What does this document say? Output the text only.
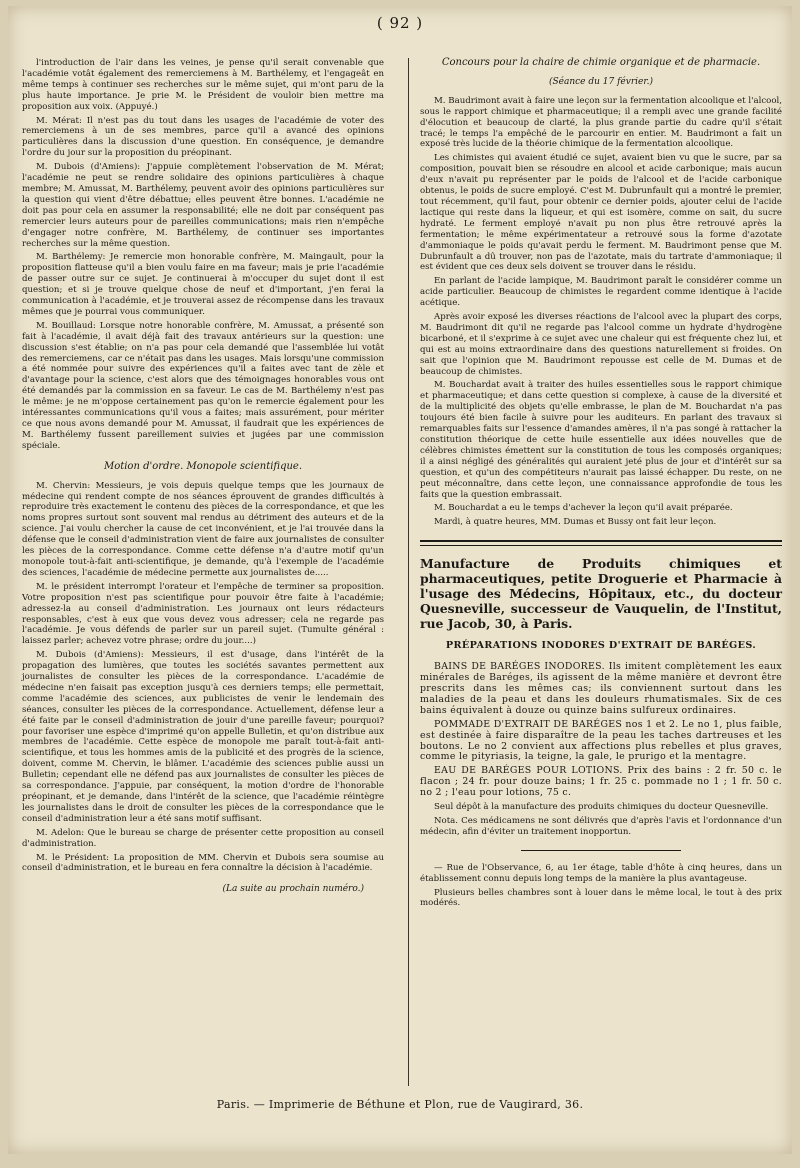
( 92 )

l'introduction de l'air dans les veines, je pense qu'il serait convenable que l'académie votât également des remerciemens à M. Barthélemy, et l'engageât en même temps à continuer ses recherches sur le même sujet, qui m'ont paru de la plus haute importance. Je prie M. le Président de vouloir bien mettre ma proposition aux voix. (Appuyé.)

M. Mérat: Il n'est pas du tout dans les usages de l'académie de voter des remerciemens à un de ses membres, parce qu'il a avancé des opinions particulières dans la discussion d'une question. En conséquence, je demandre l'ordre du jour sur la proposition du préopinant.

M. Dubois (d'Amiens): J'appuie complètement l'observation de M. Mérat; l'académie ne peut se rendre solidaire des opinions particulières à chaque membre; M. Amussat, M. Barthélemy, peuvent avoir des opinions particulières sur la question qui vient d'être débattue; elles peuvent être bonnes. L'académie ne doit pas pour cela en assumer la responsabilité; elle ne doit par conséquent pas remercier leurs auteurs pour de pareilles communications; mais rien n'empêche d'engager notre confrère, M. Barthélemy, de continuer ses importantes recherches sur la même question.

M. Barthélemy: Je remercie mon honorable confrère, M. Maingault, pour la proposition flatteuse qu'il a bien voulu faire en ma faveur; mais je prie l'académie de passer outre sur ce sujet. Je continuerai à m'occuper du sujet dont il est question; et si je trouve quelque chose de neuf et d'important, j'en ferai la communication à l'académie, et je trouverai assez de récompense dans les travaux mêmes que je pourrai vous communiquer.

M. Bouillaud: Lorsque notre honorable confrère, M. Amussat, a présenté son fait à l'académie, il avait déjà fait des travaux antérieurs sur la question: une discussion s'est établie; on n'a pas pour cela demandé que l'assemblée lui votât des remerciemens, car ce n'était pas dans les usages. Mais lorsqu'une commission a été nommée pour suivre des expériences qu'il a faites avec tant de zèle et d'avantage pour la science, c'est alors que des témoignages honorables vous ont été demandés par la commission en sa faveur. Le cas de M. Barthélemy n'est pas le même: je ne m'oppose certainement pas qu'on le remercie également pour les intéressantes communications qu'il vous a faites; mais assurément, pour mériter ce que nous avons demandé pour M. Amussat, il faudrait que les expériences de M. Barthélemy fussent pareillement suivies et jugées par une commission spéciale.

Motion d'ordre. Monopole scientifique.

M. Chervin: Messieurs, je vois depuis quelque temps que les journaux de médecine qui rendent compte de nos séances éprouvent de grandes difficultés à reproduire très exactement le contenu des pièces de la correspondance, et que les noms propres surtout sont souvent mal rendus au détriment des auteurs et de la science. J'ai voulu chercher la cause de cet inconvénient, et je l'ai trouvée dans la défense que le conseil d'administration vient de faire aux journalistes de consulter les pièces de la correspondance. Comme cette défense n'a d'autre motif qu'un monopole tout-à-fait anti-scientifique, je demande, qu'à l'exemple de l'académie des sciences, l'académie de médecine permette aux journalistes de.....

M. le président interrompt l'orateur et l'empêche de terminer sa proposition. Votre proposition n'est pas scientifique pour pouvoir être faite à l'académie; adressez-la au conseil d'administration. Les journaux ont leurs rédacteurs responsables, c'est à eux que vous devez vous adresser; cela ne regarde pas l'académie. Je vous défends de parler sur un pareil sujet. (Tumulte général : laissez parler; achevez votre phrase; ordre du jour....)

M. Dubois (d'Amiens): Messieurs, il est d'usage, dans l'intérêt de la propagation des lumières, que toutes les sociétés savantes permettent aux journalistes de consulter les pièces de la correspondance. L'académie de médecine n'en faisait pas exception jusqu'à ces derniers temps; elle permettait, comme l'académie des sciences, aux publicistes de venir le lendemain des séances, consulter les pièces de la correspondance. Actuellement, défense leur a été faite par le conseil d'administration de jouir d'une pareille faveur; pourquoi? pour favoriser une espèce d'imprimé qu'on appelle Bulletin, et qu'on distribue aux membres de l'académie. Cette espèce de monopole me paraît tout-à-fait anti-scientifique, et tous les hommes amis de la publicité et des progrès de la science, doivent, comme M. Chervin, le blâmer. L'académie des sciences publie aussi un Bulletin; cependant elle ne défend pas aux journalistes de consulter les pièces de sa correspondance. J'appuie, par conséquent, la motion d'ordre de l'honorable préopinant, et je demande, dans l'intérêt de la science, que l'académie réintègre les journalistes dans le droit de consulter les pièces de la correspondance que le conseil d'administration leur a été sans motif suffisant.

M. Adelon: Que le bureau se charge de présenter cette proposition au conseil d'administration.

M. le Président: La proposition de MM. Chervin et Dubois sera soumise au conseil d'administration, et le bureau en fera connaître la décision à l'académie.

(La suite au prochain numéro.)

Concours pour la chaire de chimie organique et de pharmacie.

(Séance du 17 février.)

M. Baudrimont avait à faire une leçon sur la fermentation alcoolique et l'alcool, sous le rapport chimique et pharmaceutique; il a rempli avec une grande facilité d'élocution et beaucoup de clarté, la plus grande partie du cadre qu'il s'était tracé; le temps l'a empêché de le parcourir en entier. M. Baudrimont a fait un exposé très lucide de la théorie chimique de la fermentation alcoolique.

Les chimistes qui avaient étudié ce sujet, avaient bien vu que le sucre, par sa composition, pouvait bien se résoudre en alcool et acide carbonique; mais aucun d'eux n'avait pu représenter par le poids de l'alcool et de l'acide carbonique obtenus, le poids de sucre employé. C'est M. Dubrunfault qui a montré le premier, tout récemment, qu'il faut, pour obtenir ce dernier poids, ajouter celui de l'acide lactique qui reste dans la liqueur, et qui est isomère, comme on sait, du sucre hydraté. Le ferment employé n'avait pu non plus être retrouvé après la fermentation; le même expérimentateur a retrouvé sous la forme d'azotate d'ammoniaque le poids qu'avait perdu le ferment. M. Baudrimont pense que M. Dubrunfault a dû trouver, non pas de l'azotate, mais du tartrate d'ammoniaque; il est évident que ces deux sels doivent se trouver dans le résidu.

En parlant de l'acide lampique, M. Baudrimont paraît le considérer comme un acide particulier. Beaucoup de chimistes le regardent comme identique à l'acide acétique.

Après avoir exposé les diverses réactions de l'alcool avec la plupart des corps, M. Baudrimont dit qu'il ne regarde pas l'alcool comme un hydrate d'hydrogène bicarboné, et il s'exprime à ce sujet avec une chaleur qui est fréquente chez lui, et qui est au moins extraordinaire dans des questions naturellement si froides. On sait que l'opinion que M. Baudrimont repousse est celle de M. Dumas et de beaucoup de chimistes.

M. Bouchardat avait à traiter des huiles essentielles sous le rapport chimique et pharmaceutique; et dans cette question si complexe, à cause de la diversité et de la multiplicité des objets qu'elle embrasse, le plan de M. Bouchardat n'a pas toujours été bien facile à suivre pour les auditeurs. En parlant des travaux si remarquables faits sur l'essence d'amandes amères, il n'a pas songé à rattacher la constitution théorique de cette huile essentielle aux idées nouvelles que de célèbres chimistes émettent sur la constitution de tous les composés organiques; il a ainsi négligé des généralités qui auraient jeté plus de jour et d'intérêt sur sa question, et qu'un des compétiteurs n'aurait pas laissé échapper. Du reste, on ne peut méconnaître, dans cette leçon, une connaissance approfondie de tous les faits que la question embrassait.

M. Bouchardat a eu le temps d'achever la leçon qu'il avait préparée.

Mardi, à quatre heures, MM. Dumas et Bussy ont fait leur leçon.

Manufacture de Produits chimiques et pharmaceutiques, petite Droguerie et Pharmacie à l'usage des Médecins, Hôpitaux, etc., du docteur Quesneville, successeur de Vauquelin, de l'Institut, rue Jacob, 30, à Paris.
PRÉPARATIONS INODORES D'EXTRAIT DE BARÉGES.

BAINS DE BARÉGES INODORES. Ils imitent complètement les eaux minérales de Baréges, ils agissent de la même manière et devront être prescrits dans les mêmes cas; ils conviennent surtout dans les maladies de la peau et dans les douleurs rhumatismales. Six de ces bains équivalent à douze ou quinze bains sulfureux ordinaires.

POMMADE D'EXTRAIT DE BARÉGES nos 1 et 2. Le no 1, plus faible, est destinée à faire disparaître de la peau les taches dartreuses et les boutons. Le no 2 convient aux affections plus rebelles et plus graves, comme le pityriasis, la teigne, la gale, le prurigo et la mentagre.

EAU DE BARÉGES POUR LOTIONS. Prix des bains : 2 fr. 50 c. le flacon ; 24 fr. pour douze bains; 1 fr. 25 c. pommade no 1 ; 1 fr. 50 c. no 2 ; l'eau pour lotions, 75 c.

Seul dépôt à la manufacture des produits chimiques du docteur Quesneville.

Nota. Ces médicamens ne sont délivrés que d'après l'avis et l'ordonnance d'un médecin, afin d'éviter un traitement inopportun.

— Rue de l'Observance, 6, au 1er étage, table d'hôte à cinq heures, dans un établissement connu depuis long temps de la manière la plus avantageuse.

Plusieurs belles chambres sont à louer dans le même local, le tout à des prix modérés.

Paris. — Imprimerie de Béthune et Plon, rue de Vaugirard, 36.
